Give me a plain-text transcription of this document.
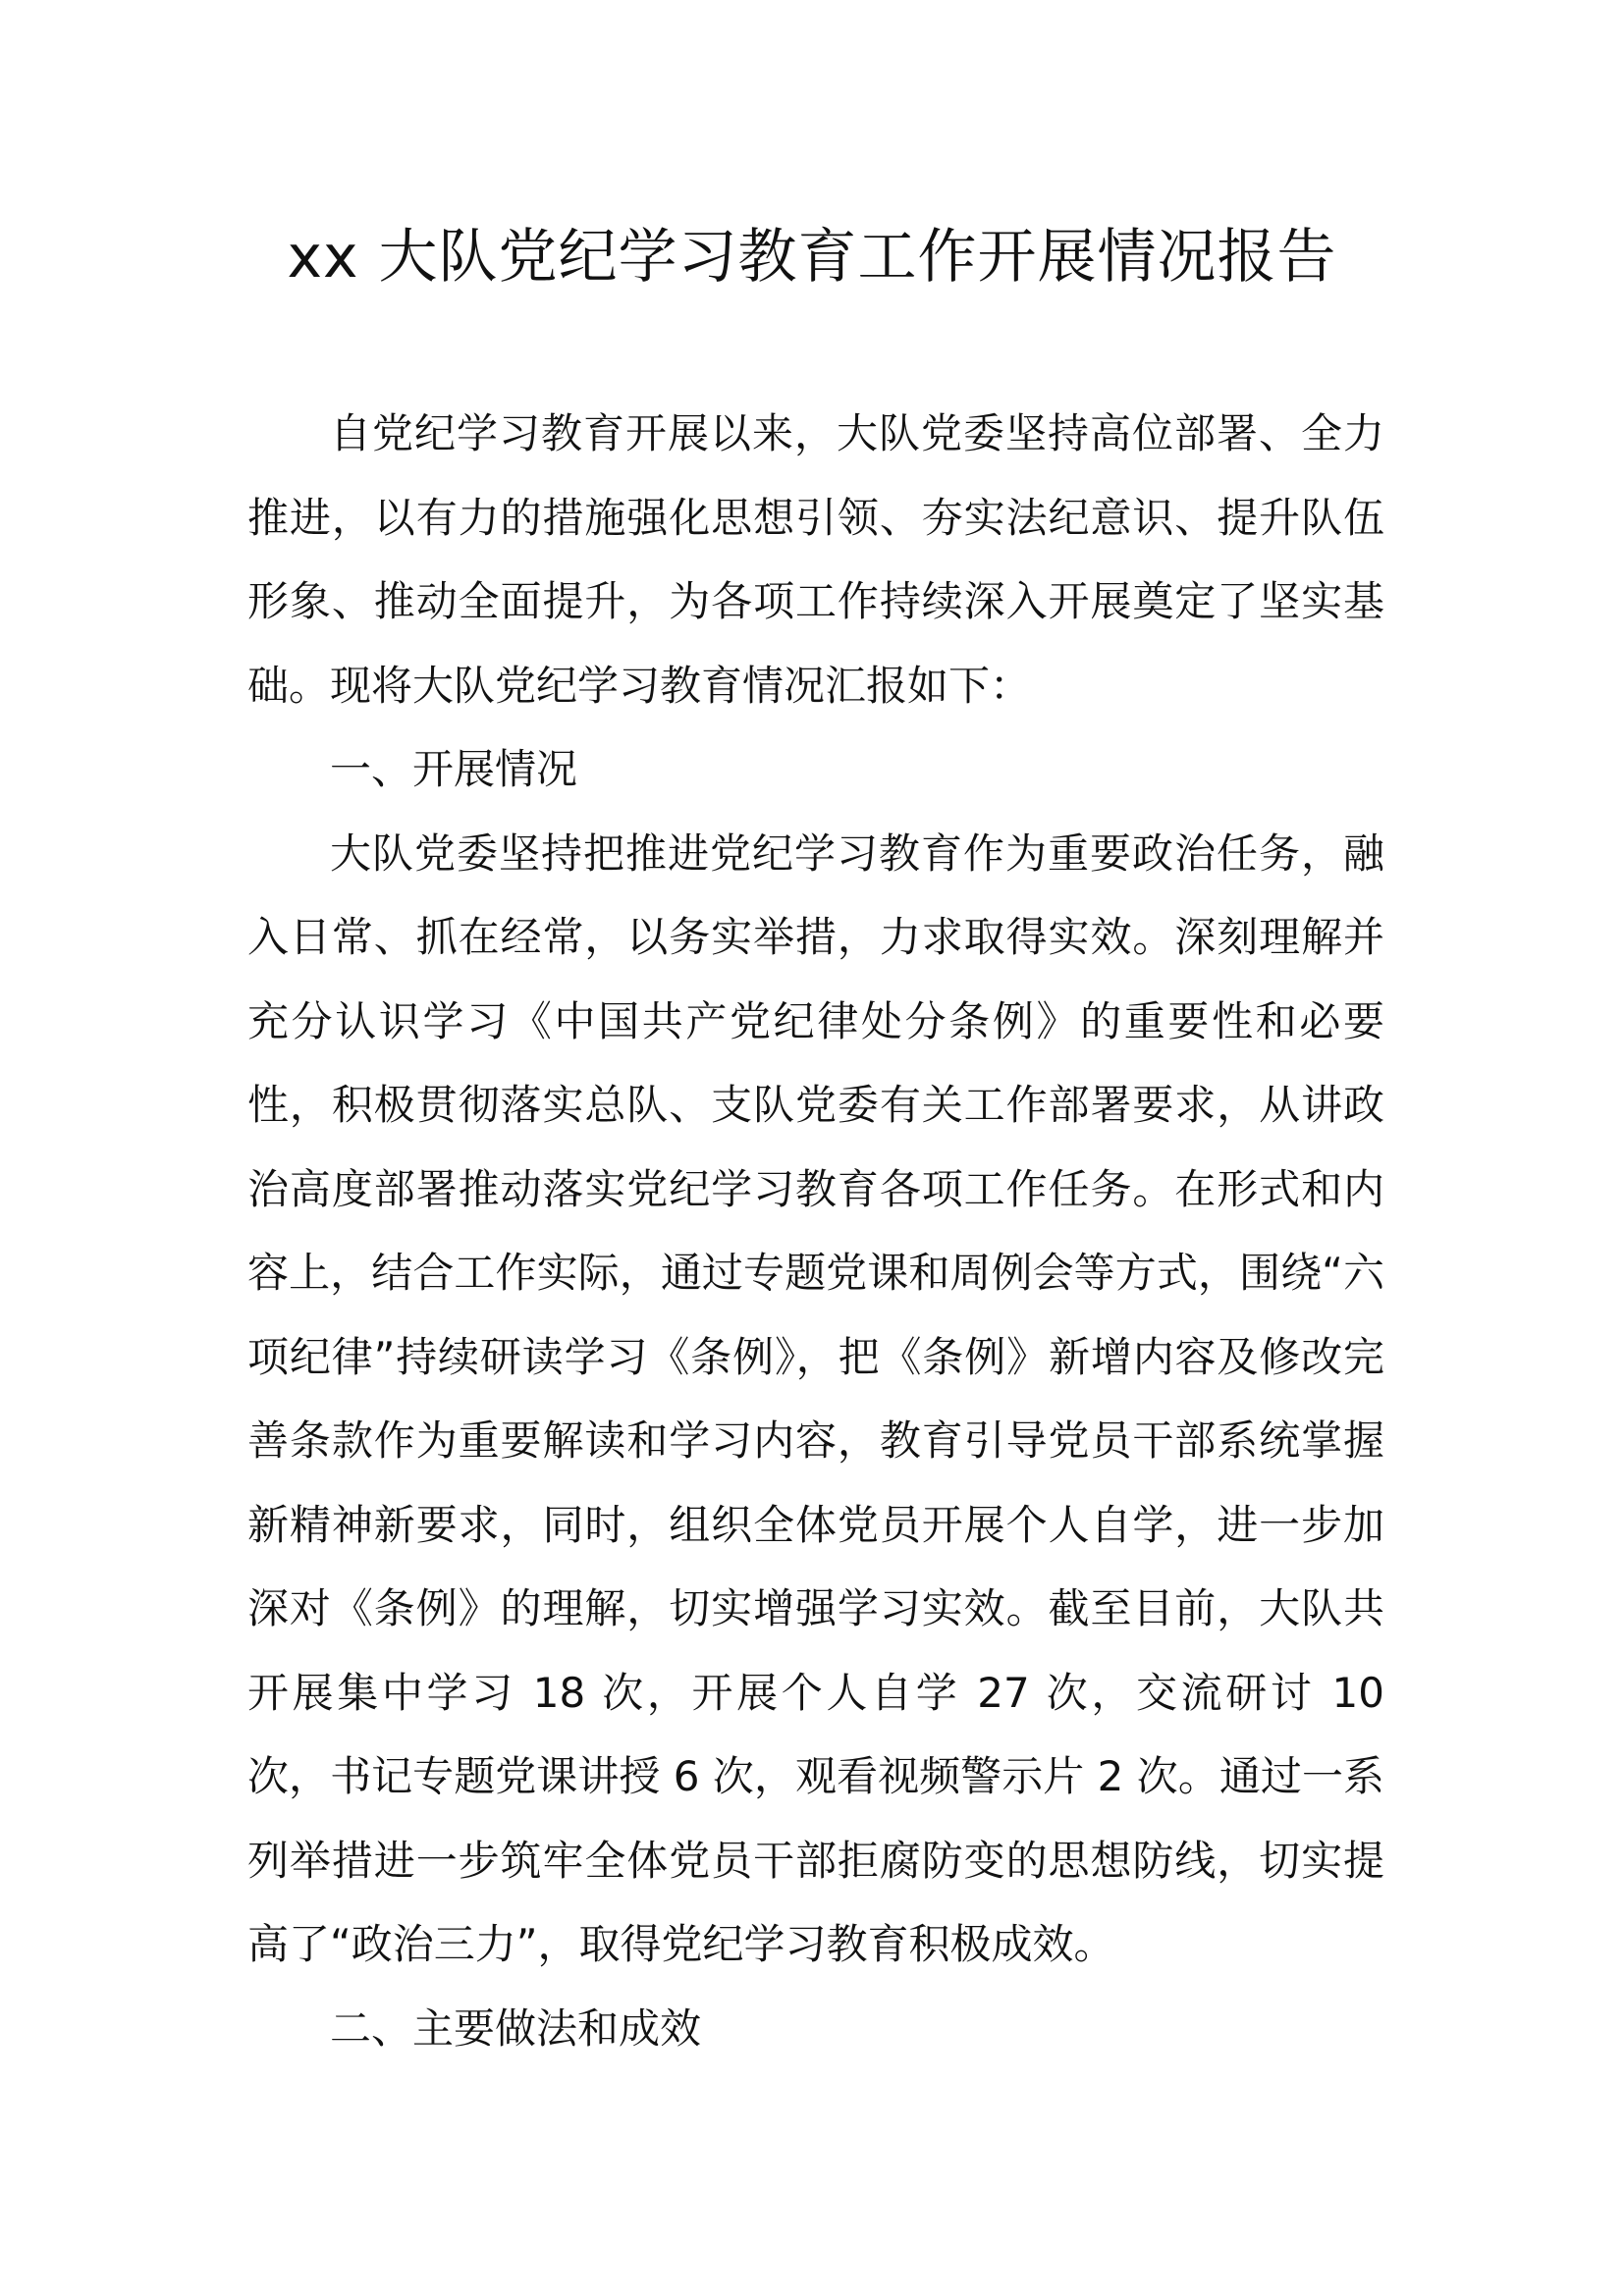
xx 大队党纪学习教育工作开展情况报告

自党纪学习教育开展以来，大队党委坚持高位部署、全力推进，以有力的措施强化思想引领、夯实法纪意识、提升队伍形象、推动全面提升，为各项工作持续深入开展奠定了坚实基础。现将大队党纪学习教育情况汇报如下：

一、开展情况

大队党委坚持把推进党纪学习教育作为重要政治任务，融入日常、抓在经常，以务实举措，力求取得实效。深刻理解并充分认识学习《中国共产党纪律处分条例》的重要性和必要性，积极贯彻落实总队、支队党委有关工作部署要求，从讲政治高度部署推动落实党纪学习教育各项工作任务。在形式和内容上，结合工作实际，通过专题党课和周例会等方式，围绕“六项纪律”持续研读学习《条例》，把《条例》新增内容及修改完善条款作为重要解读和学习内容，教育引导党员干部系统掌握新精神新要求，同时，组织全体党员开展个人自学，进一步加深对《条例》的理解，切实增强学习实效。截至目前，大队共开展集中学习 18 次，开展个人自学 27 次，交流研讨 10 次，书记专题党课讲授 6 次，观看视频警示片 2 次。通过一系列举措进一步筑牢全体党员干部拒腐防变的思想防线，切实提高了“政治三力”，取得党纪学习教育积极成效。

二、主要做法和成效
